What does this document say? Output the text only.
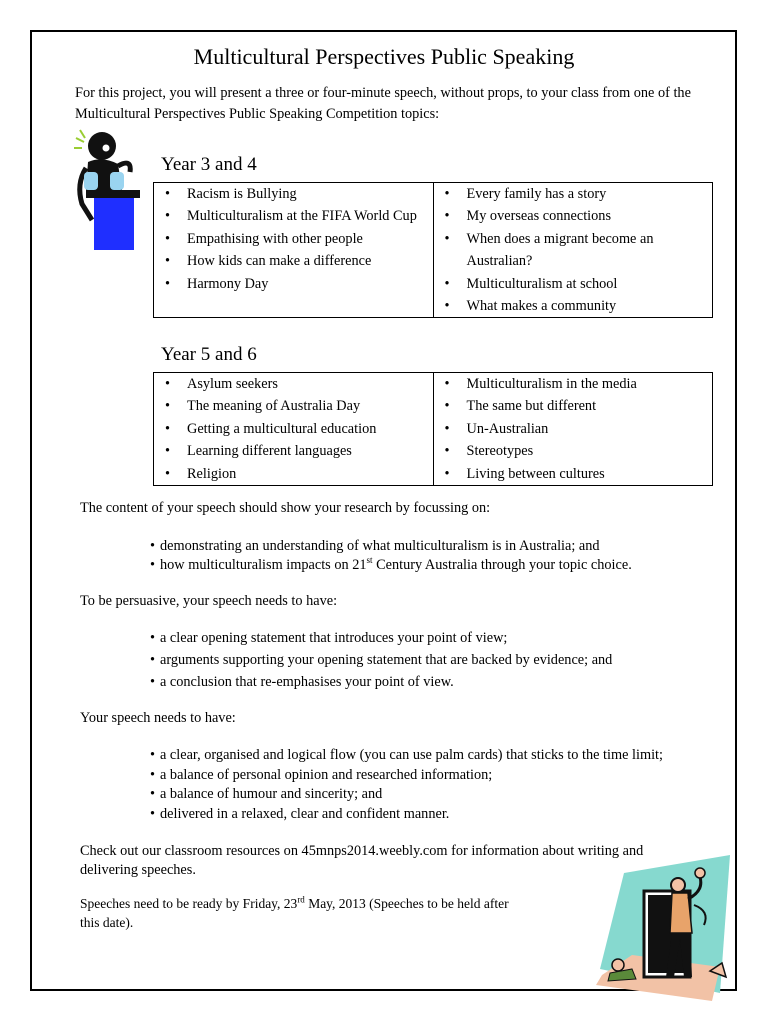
Multicultural Perspectives Public Speaking
For this project, you will present a three or four-minute speech, without props, to your class from one of the Multicultural Perspectives Public Speaking Competition topics:
Year 3 and 4
• Racism is Bullying
• Multiculturalism at the FIFA World Cup
• Empathising with other people
• How kids can make a difference
• Harmony Day

• Every family has a story
• My overseas connections
• When does a migrant become an Australian?
• Multiculturalism at school
• What makes a community
Year 5 and 6
• Asylum seekers
• The meaning of Australia Day
• Getting a multicultural education
• Learning different languages
• Religion

• Multiculturalism in the media
• The same but different
• Un-Australian
• Stereotypes
• Living between cultures
The content of your speech should show your research by focussing on:
• demonstrating an understanding of what multiculturalism is in Australia; and
• how multiculturalism impacts on 21st Century Australia through your topic choice.
To be persuasive, your speech needs to have:
• a clear opening statement that introduces your point of view;
• arguments supporting your opening statement that are backed by evidence; and
• a conclusion that re-emphasises your point of view.
Your speech needs to have:
• a clear, organised and logical flow (you can use palm cards) that sticks to the time limit;
• a balance of personal opinion and researched information;
• a balance of humour and sincerity; and
• delivered in a relaxed, clear and confident manner.
Check out our classroom resources on 45mnps2014.weebly.com for information about writing and delivering speeches.
Speeches need to be ready by Friday, 23rd May, 2013 (Speeches to be held after this date).
